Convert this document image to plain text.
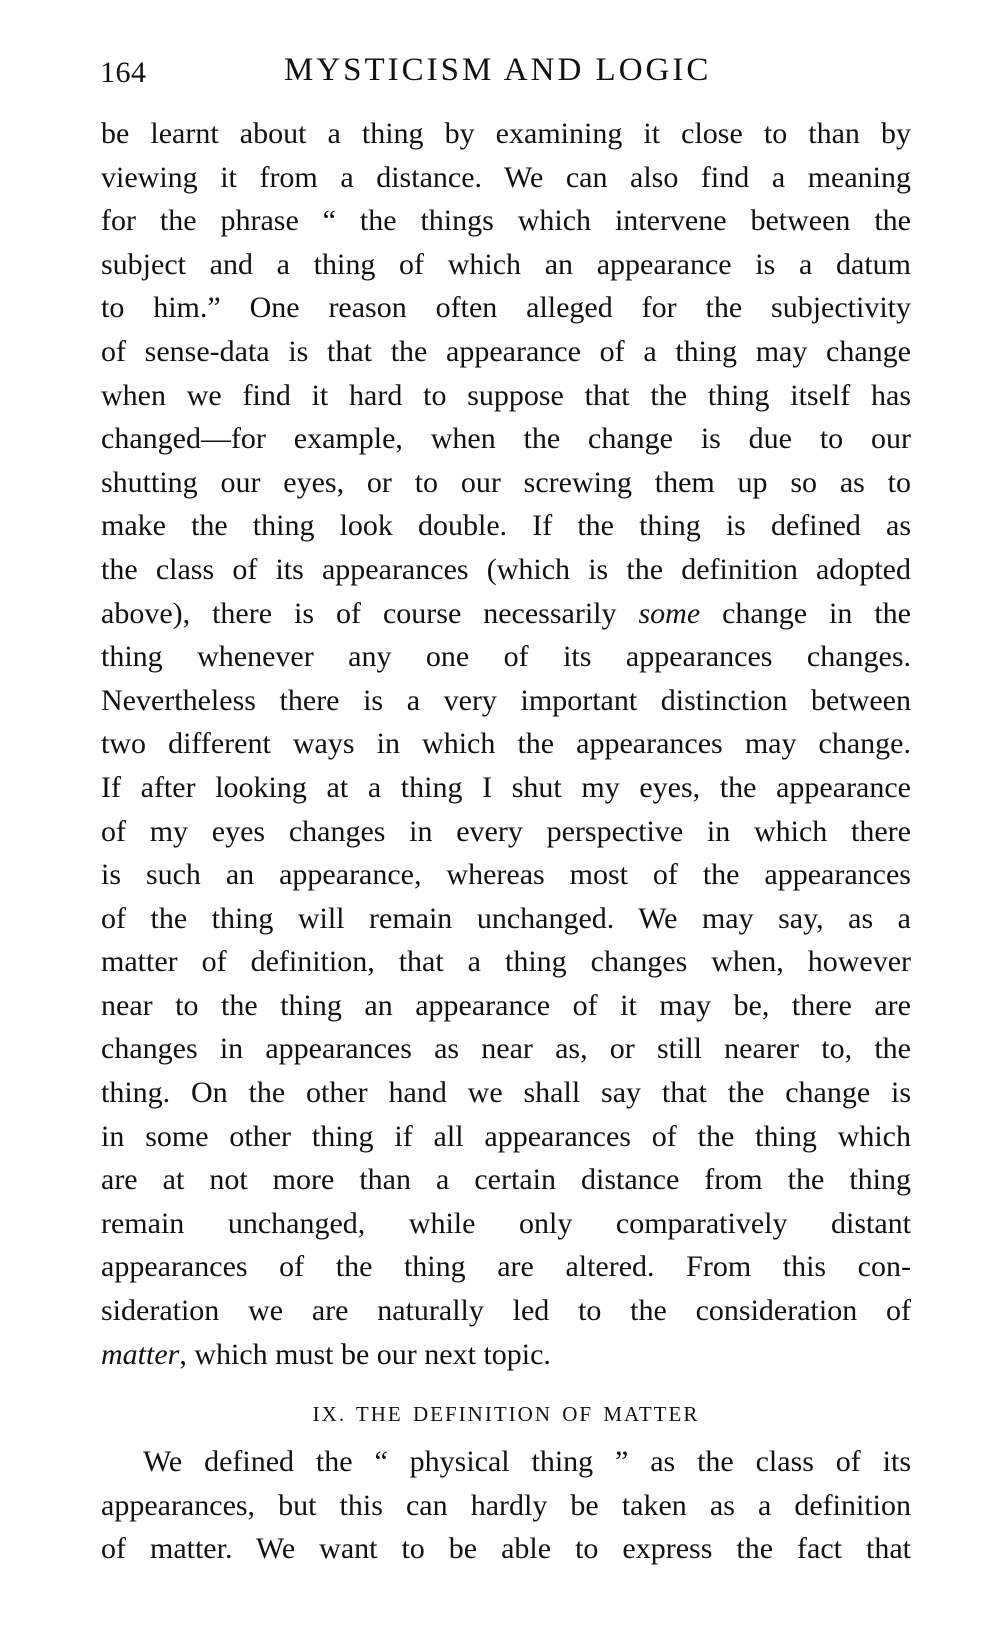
164	MYSTICISM AND LOGIC
be learnt about a thing by examining it close to than by
viewing it from a distance. We can also find a meaning
for the phrase “ the things which intervene between the
subject and a thing of which an appearance is a datum
to him.” One reason often alleged for the subjectivity
of sense-data is that the appearance of a thing may change
when we find it hard to suppose that the thing itself has
changed—for example, when the change is due to our
shutting our eyes, or to our screwing them up so as to
make the thing look double. If the thing is defined as
the class of its appearances (which is the definition adopted
above), there is of course necessarily some change in the
thing whenever any one of its appearances changes.
Nevertheless there is a very important distinction between
two different ways in which the appearances may change.
If after looking at a thing I shut my eyes, the appearance
of my eyes changes in every perspective in which there
is such an appearance, whereas most of the appearances
of the thing will remain unchanged. We may say, as a
matter of definition, that a thing changes when, however
near to the thing an appearance of it may be, there are
changes in appearances as near as, or still nearer to, the
thing. On the other hand we shall say that the change is
in some other thing if all appearances of the thing which
are at not more than a certain distance from the thing
remain unchanged, while only comparatively distant
appearances of the thing are altered. From this con-
sideration we are naturally led to the consideration of
matter, which must be our next topic.
IX. THE DEFINITION OF MATTER
We defined the “ physical thing ” as the class of its
appearances, but this can hardly be taken as a definition
of matter. We want to be able to express the fact that
